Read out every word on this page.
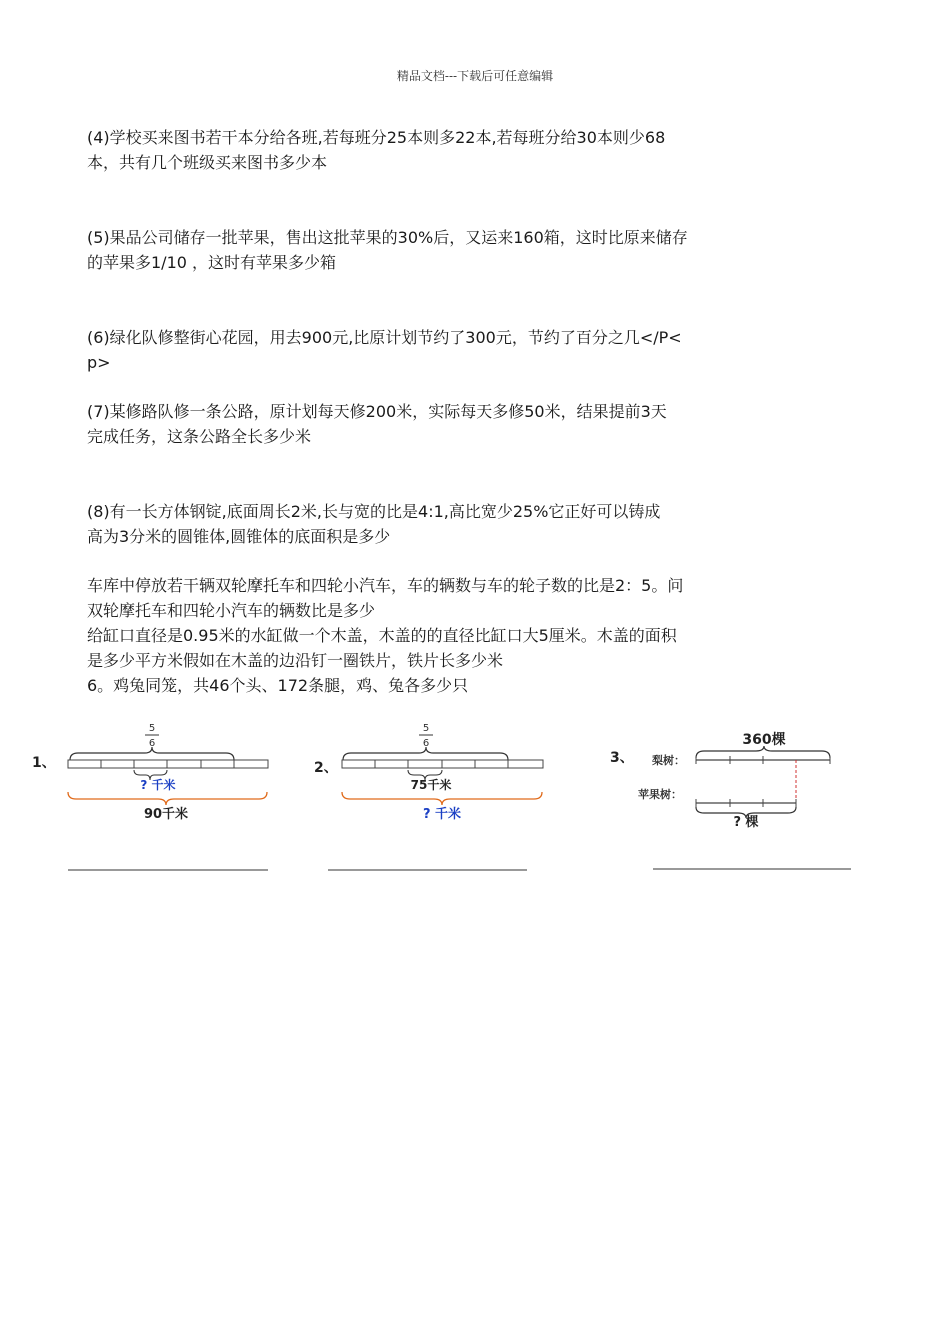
精品文档---下载后可任意编辑

(4)学校买来图书若干本分给各班,若每班分25本则多22本,若每班分给30本则少68
本，共有几个班级买来图书多少本

(5)果品公司储存一批苹果，售出这批苹果的30%后，又运来160箱，这时比原来储存
的苹果多1/10 ，这时有苹果多少箱

(6)绿化队修整街心花园，用去900元,比原计划节约了300元，节约了百分之几</P<
p>

(7)某修路队修一条公路，原计划每天修200米，实际每天多修50米，结果提前3天
完成任务，这条公路全长多少米

(8)有一长方体钢锭,底面周长2米,长与宽的比是4:1,高比宽少25%它正好可以铸成
高为3分米的圆锥体,圆锥体的底面积是多少

车库中停放若干辆双轮摩托车和四轮小汽车，车的辆数与车的轮子数的比是2：5。问
双轮摩托车和四轮小汽车的辆数比是多少

给缸口直径是0.95米的水缸做一个木盖，木盖的的直径比缸口大5厘米。木盖的面积
是多少平方米假如在木盖的边沿钉一圈铁片，铁片长多少米

6。鸡兔同笼，共46个头、172条腿，鸡、兔各多少只

1、
5
6
? 千米
90千米
2、
5
6
75千米
? 千米
3、
360棵
梨树：
苹果树：
? 棵
